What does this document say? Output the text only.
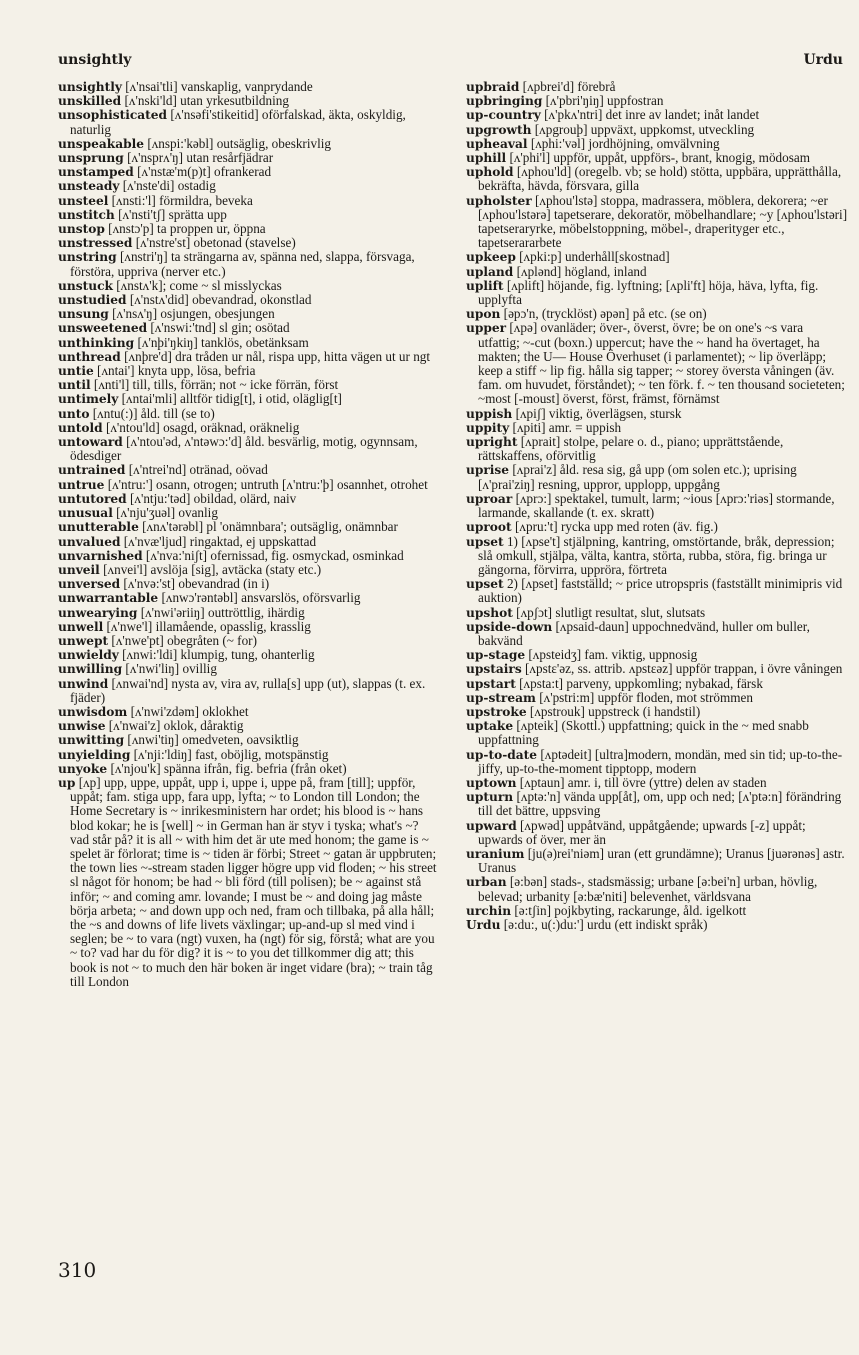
unsightly	Urdu

unsightly [ʌ'nsai'tli] vanskaplig, vanprydande

unskilled [ʌ'nski'ld] utan yrkesutbildning

unsophisticated [ʌ'nsəfi'stikeitid] oförfalskad, äkta, oskyldig, naturlig

unspeakable [ʌnspi:'kəbl] outsäglig, obeskrivlig

unsprung [ʌ'nsprʌ'ŋ] utan resårfjädrar

unstamped [ʌ'nstæ'm(p)t] ofrankerad

unsteady [ʌ'nste'di] ostadig

unsteel [ʌnsti:'l] förmildra, beveka

unstitch [ʌ'nsti'tʃ] sprätta upp

unstop [ʌnstɔ'p] ta proppen ur, öppna

unstressed [ʌ'nstre'st] obetonad (stavelse)

unstring [ʌnstri'ŋ] ta strängarna av, spänna ned, slappa, försvaga, förstöra, uppriva (nerver etc.)

unstuck [ʌnstʌ'k]; come ~ sl misslyckas

unstudied [ʌ'nstʌ'did] obevandrad, okonstlad

unsung [ʌ'nsʌ'ŋ] osjungen, obesjungen

unsweetened [ʌ'nswi:'tnd] sl gin; osötad

unthinking [ʌ'nþi'ŋkiŋ] tanklös, obetänksam

unthread [ʌnþre'd] dra tråden ur nål, rispa upp, hitta vägen ut ur ngt

untie [ʌntai'] knyta upp, lösa, befria

until [ʌnti'l] till, tills, förrän; not ~ icke förrän, först

untimely [ʌntai'mli] alltför tidig[t], i otid, oläglig[t]

unto [ʌntu(:)] åld. till (se to)

untold [ʌ'ntou'ld] osagd, oräknad, oräknelig

untoward [ʌ'ntou'əd, ʌ'ntəwɔ:'d] åld. besvärlig, motig, ogynnsam, ödesdiger

untrained [ʌ'ntrei'nd] otränad, oövad

untrue [ʌ'ntru:'] osann, otrogen; untruth [ʌ'ntru:'þ] osannhet, otrohet

untutored [ʌ'ntju:'təd] obildad, olärd, naiv

unusual [ʌ'nju'ʒuəl] ovanlig

unutterable [ʌnʌ'tərəbl] pl 'onämnbara'; outsäglig, onämnbar

unvalued [ʌ'nvæ'ljud] ringaktad, ej uppskattad

unvarnished [ʌ'nva:'niʃt] ofernissad, fig. osmyckad, osminkad

unveil [ʌnvei'l] avslöja [sig], avtäcka (staty etc.)

unversed [ʌ'nvə:'st] obevandrad (in i)

unwarrantable [ʌnwɔ'rəntəbl] ansvarslös, oförsvarlig

unwearying [ʌ'nwi'əriiŋ] outtröttlig, ihärdig

unwell [ʌ'nwe'l] illamående, opasslig, krasslig

unwept [ʌ'nwe'pt] obegråten (~ for)

unwieldy [ʌnwi:'ldi] klumpig, tung, ohanterlig

unwilling [ʌ'nwi'liŋ] ovillig

unwind [ʌnwai'nd] nysta av, vira av, rulla[s] upp (ut), slappas (t. ex. fjäder)

unwisdom [ʌ'nwi'zdəm] oklokhet

unwise [ʌ'nwai'z] oklok, dåraktig

unwitting [ʌnwi'tiŋ] omedveten, oavsiktlig

unyielding [ʌ'nji:'ldiŋ] fast, oböjlig, motspänstig

unyoke [ʌ'njou'k] spänna ifrån, fig. befria (från oket)

up [ʌp] upp, uppe, uppåt, upp i, uppe i, uppe på, fram [till]; uppför, uppåt; fam. stiga upp, fara upp, lyfta; ~ to London till London; the Home Secretary is ~ inrikesministern har ordet; his blood is ~ hans blod kokar; he is [well] ~ in German han är styv i tyska; what's ~? vad står på? it is all ~ with him det är ute med honom; the game is ~ spelet är förlorat; time is ~ tiden är förbi; Street ~ gatan är uppbruten; the town lies ~-stream staden ligger högre upp vid floden; ~ his street sl något för honom; be had ~ bli förd (till polisen); be ~ against stå inför; ~ and coming amr. lovande; I must be ~ and doing jag måste börja arbeta; ~ and down upp och ned, fram och tillbaka, på alla håll; the ~s and downs of life livets växlingar; up-and-up sl med vind i seglen; be ~ to vara (ngt) vuxen, ha (ngt) för sig, förstå; what are you ~ to? vad har du för dig? it is ~ to you det tillkommer dig att; this book is not ~ to much den här boken är inget vidare (bra); ~ train tåg till London

upbraid [ʌpbrei'd] förebrå

upbringing [ʌ'pbri'ŋiŋ] uppfostran

up-country [ʌ'pkʌ'ntri] det inre av landet; inåt landet

upgrowth [ʌpgrouþ] uppväxt, uppkomst, utveckling

upheaval [ʌphi:'vəl] jordhöjning, omvälvning

uphill [ʌ'phi'l] uppför, uppåt, uppförs-, brant, knogig, mödosam

uphold [ʌphou'ld] (oregelb. vb; se hold) stötta, uppbära, upprätthålla, bekräfta, hävda, försvara, gilla

upholster [ʌphou'lstə] stoppa, madrassera, möblera, dekorera; ~er [ʌphou'lstərə] tapetserare, dekoratör, möbelhandlare; ~y [ʌphou'lstəri] tapetseraryrke, möbelstoppning, möbel-, draperityger etc., tapetserararbete

upkeep [ʌpki:p] underhåll[skostnad]

upland [ʌplənd] högland, inland

uplift [ʌplift] höjande, fig. lyftning; [ʌpli'ft] höja, häva, lyfta, fig. upplyfta

upon [əpɔ'n, (trycklöst) əpən] på etc. (se on)

upper [ʌpə] ovanläder; över-, överst, övre; be on one's ~s vara utfattig; ~-cut (boxn.) uppercut; have the ~ hand ha övertaget, ha makten; the U— House Överhuset (i parlamentet); ~ lip överläpp; keep a stiff ~ lip fig. hålla sig tapper; ~ storey översta våningen (äv. fam. om huvudet, förståndet); ~ ten förk. f. ~ ten thousand societeten; ~most [-moust] överst, först, främst, förnämst

uppish [ʌpiʃ] viktig, överlägsen, stursk

uppity [ʌpiti] amr. = uppish

upright [ʌprait] stolpe, pelare o. d., piano; upprättstående, rättskaffens, oförvitlig

uprise [ʌprai'z] åld. resa sig, gå upp (om solen etc.); uprising [ʌ'prai'ziŋ] resning, uppror, upplopp, uppgång

uproar [ʌprɔ:] spektakel, tumult, larm; ~ious [ʌprɔ:'riəs] stormande, larmande, skallande (t. ex. skratt)

uproot [ʌpru:'t] rycka upp med roten (äv. fig.)

upset 1) [ʌpse't] stjälpning, kantring, omstörtande, bråk, depression; slå omkull, stjälpa, välta, kantra, störta, rubba, störa, fig. bringa ur gängorna, förvirra, uppröra, förtreta

upset 2) [ʌpset] fastställd; ~ price utropspris (fastställt minimipris vid auktion)

upshot [ʌpʃɔt] slutligt resultat, slut, slutsats

upside-down [ʌpsaid-daun] uppochnedvänd, huller om buller, bakvänd

up-stage [ʌpsteidʒ] fam. viktig, uppnosig

upstairs [ʌpstɛ'əz, ss. attrib. ʌpstɛəz] uppför trappan, i övre våningen

upstart [ʌpsta:t] parveny, uppkomling; nybakad, färsk

up-stream [ʌ'pstri:m] uppför floden, mot strömmen

upstroke [ʌpstrouk] uppstreck (i handstil)

uptake [ʌpteik] (Skottl.) uppfattning; quick in the ~ med snabb uppfattning

up-to-date [ʌptədeit] [ultra]modern, mondän, med sin tid; up-to-the-jiffy, up-to-the-moment tipptopp, modern

uptown [ʌptaun] amr. i, till övre (yttre) delen av staden

upturn [ʌptə:'n] vända upp[åt], om, upp och ned; [ʌ'ptə:n] förändring till det bättre, uppsving

upward [ʌpwəd] uppåtvänd, uppåtgående; upwards [-z] uppåt; upwards of över, mer än

uranium [ju(ə)rei'niəm] uran (ett grundämne); Uranus [juərənəs] astr. Uranus

urban [ə:bən] stads-, stadsmässig; urbane [ə:bei'n] urban, hövlig, belevad; urbanity [ə:bæ'niti] belevenhet, världsvana

urchin [ə:tʃin] pojkbyting, rackarunge, åld. igelkott

Urdu [ə:du:, u(:)du:'] urdu (ett indiskt språk)

310
